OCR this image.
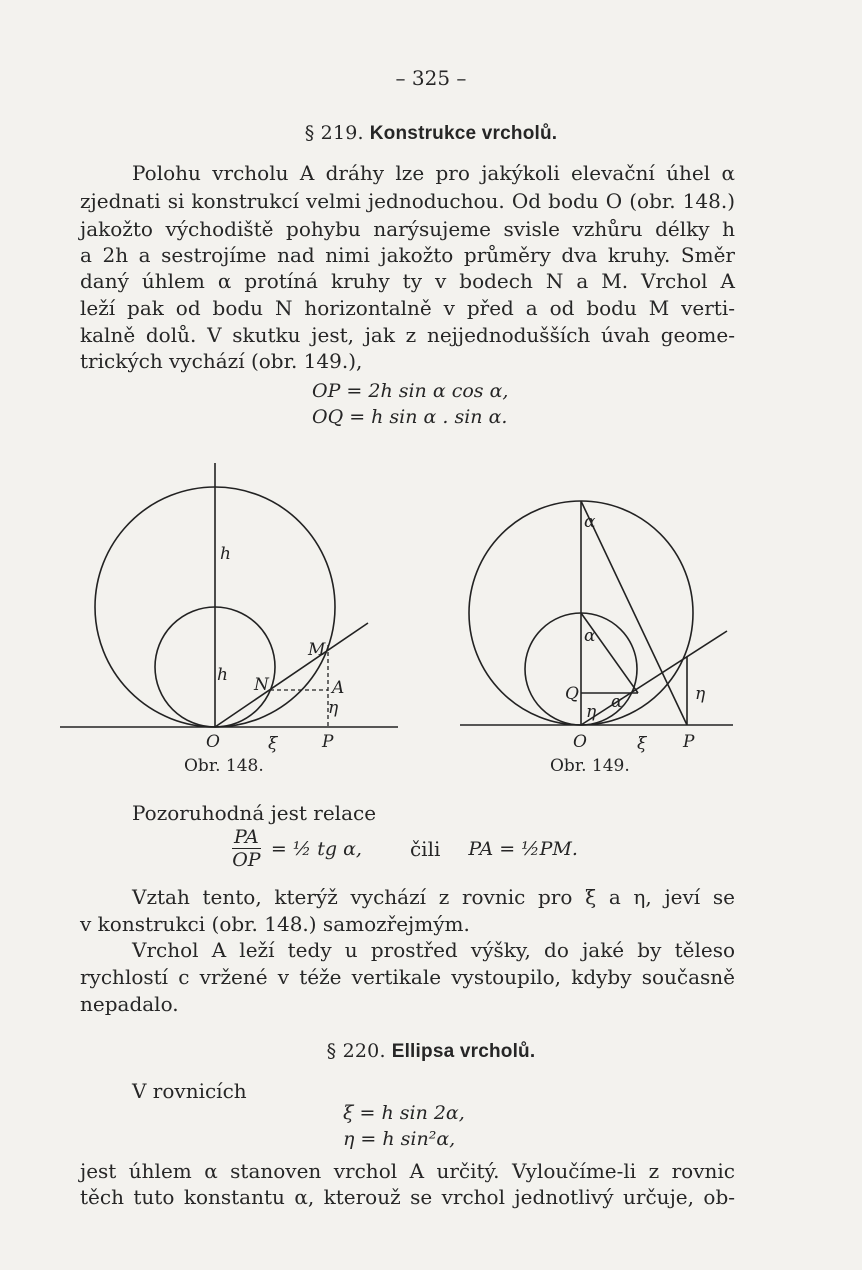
– 325 –
§ 219. Konstrukce vrcholů.
Polohu vrcholu A dráhy lze pro jakýkoli elevační úhel α
zjednati si konstrukcí velmi jednoduchou. Od bodu O (obr. 148.)
jakožto východiště pohybu narýsujeme svisle vzhůru délky h
a 2h a sestrojíme nad nimi jakožto průměry dva kruhy. Směr
daný úhlem α protíná kruhy ty v bodech N a M. Vrchol A
leží pak od bodu N horizontalně v před a od bodu M verti-
kalně dolů. V skutku jest, jak z nejjednodušších úvah geome-
trických vychází (obr. 149.),
OP = 2h sin α cos α,
OQ = h sin α . sin α.
h
h
M
N	A
η
O	ξ	P
Obr. 148.
α
α
α
Q
η
η
O	ξ P
Obr. 149.
Pozoruhodná jest relace
$\frac{PA}{OP}$ = ½ tg α, čili PA = ½PM.
Vztah tento, kterýž vychází z rovnic pro ξ a η, jeví se
v konstrukci (obr. 148.) samozřejmým.
Vrchol A leží tedy u prostřed výšky, do jaké by těleso
rychlostí c vržené v téže vertikale vystoupilo, kdyby současně
nepadalo.
§ 220. Ellipsa vrcholů.
V rovnicích
ξ = h sin 2α,
η = h sin²α,
jest úhlem α stanoven vrchol A určitý. Vyloučíme-li z rovnic
těch tuto konstantu α, kterouž se vrchol jednotlivý určuje, ob-
